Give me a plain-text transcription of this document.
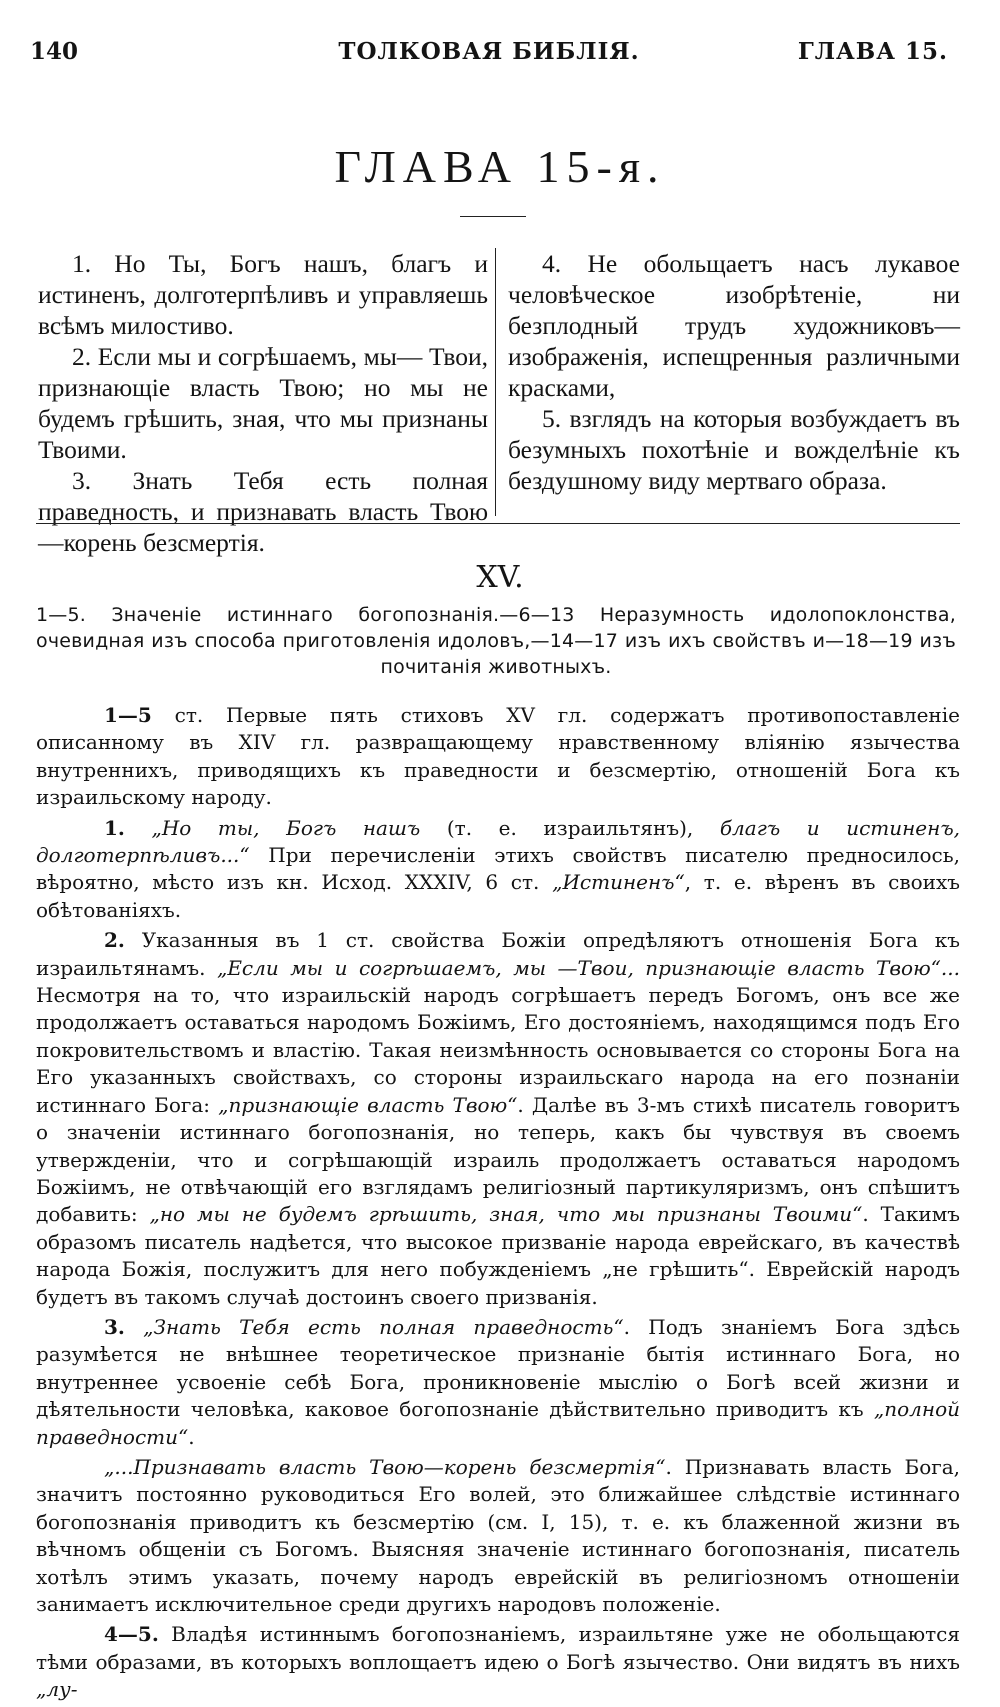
140	ТОЛКОВАЯ БИБЛІЯ.	ГЛАВА 15.
ГЛАВА 15-я.

1. Но Ты, Богъ нашъ, благъ и истиненъ, долготерпѣливъ и управляешь всѣмъ милостиво.

2. Если мы и согрѣшаемъ, мы— Твои, признающіе власть Твою; но мы не будемъ грѣшить, зная, что мы признаны Твоими.

3. Знать Тебя есть полная праведность, и признавать власть Твою —корень безсмертія.

4. Не обольщаетъ насъ лукавое человѣческое изобрѣтеніе, ни безплодный трудъ художниковъ—изображенія, испещренныя различными красками,

5. взглядъ на которыя возбуждаетъ въ безумныхъ похотѣніе и вожделѣніе къ бездушному виду мертваго образа.

XV.
1—5. Значеніе истиннаго богопознанія.—6—13 Неразумность идолопоклонства, очевидная изъ способа приготовленія идоловъ,—14—17 изъ ихъ свойствъ и—18—19 изъ почитанія животныхъ.

1—5 ст. Первые пять стиховъ XV гл. содержатъ противопоставленіе описанному въ XIV гл. развращающему нравственному вліянію язычества внутреннихъ, приводящихъ къ праведности и безсмертію, отношеній Бога къ израильскому народу.

1. „Но ты, Богъ нашъ (т. е. израильтянъ), благъ и истиненъ, долготерпѣливъ...“ При перечисленіи этихъ свойствъ писателю предносилось, вѣроятно, мѣсто изъ кн. Исход. XXXIV, 6 ст. „Истиненъ“, т. е. вѣренъ въ своихъ обѣтованіяхъ.

2. Указанныя въ 1 ст. свойства Божіи опредѣляютъ отношенія Бога къ израильтянамъ. „Если мы и согрѣшаемъ, мы —Твои, признающіе власть Твою“... Несмотря на то, что израильскій народъ согрѣшаетъ передъ Богомъ, онъ все же продолжаетъ оставаться народомъ Божіимъ, Его достояніемъ, находящимся подъ Его покровительствомъ и властію. Такая неизмѣнность основывается со стороны Бога на Его указанныхъ свойствахъ, со стороны израильскаго народа на его познаніи истиннаго Бога: „признающіе власть Твою“. Далѣе въ 3-мъ стихѣ писатель говоритъ о значеніи истиннаго богопознанія, но теперь, какъ бы чувствуя въ своемъ утвержденіи, что и согрѣшающій израиль продолжаетъ оставаться народомъ Божіимъ, не отвѣчающій его взглядамъ религіозный партикуляризмъ, онъ спѣшитъ добавить: „но мы не будемъ грѣшить, зная, что мы признаны Твоими“. Такимъ образомъ писатель надѣется, что высокое призваніе народа еврейскаго, въ качествѣ народа Божія, послужитъ для него побужденіемъ „не грѣшить“. Еврейскій народъ будетъ въ такомъ случаѣ достоинъ своего призванія.

3. „Знать Тебя есть полная праведность“. Подъ знаніемъ Бога здѣсь разумѣется не внѣшнее теоретическое признаніе бытія истиннаго Бога, но внутреннее усвоеніе себѣ Бога, проникновеніе мыслію о Богѣ всей жизни и дѣятельности человѣка, каковое богопознаніе дѣйствительно приводитъ къ „полной праведности“.

„...Признавать власть Твою—корень безсмертія“. Признавать власть Бога, значитъ постоянно руководиться Его волей, это ближайшее слѣдствіе истиннаго богопознанія приводитъ къ безсмертію (см. I, 15), т. е. къ блаженной жизни въ вѣчномъ общеніи съ Богомъ. Выясняя значеніе истиннаго богопознанія, писатель хотѣлъ этимъ указать, почему народъ еврейскій въ религіозномъ отношеніи занимаетъ исключительное среди другихъ народовъ положеніе.

4—5. Владѣя истиннымъ богопознаніемъ, израильтяне уже не обольщаются тѣми образами, въ которыхъ воплощаетъ идею о Богѣ язычество. Они видятъ въ нихъ „лу-
